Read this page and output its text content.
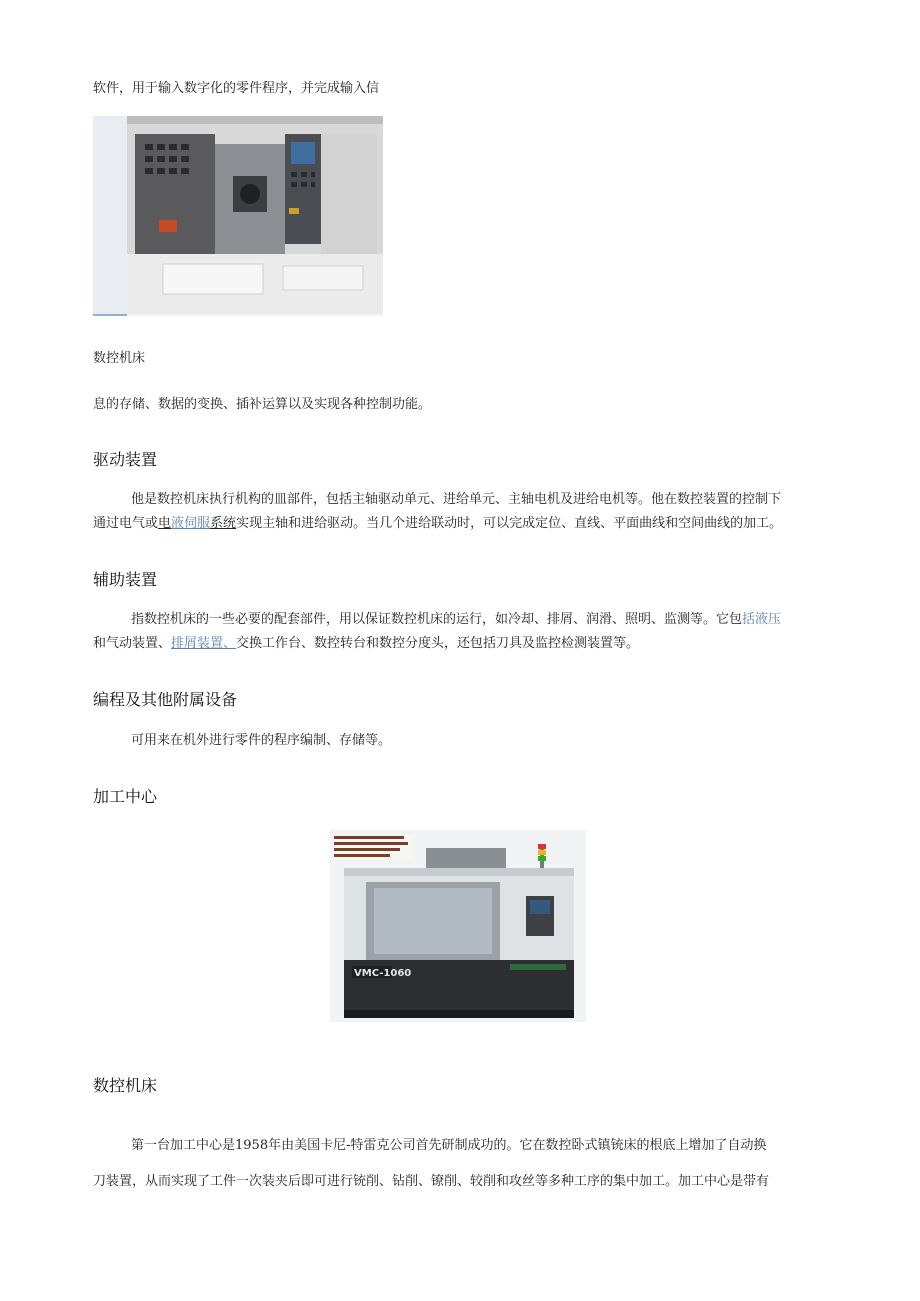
软件，用于输入数字化的零件程序，并完成输入信
数控机床
息的存储、数据的变换、插补运算以及实现各种控制功能。
驱动装置
他是数控机床执行机构的皿部件，包括主轴驱动单元、进给单元、主轴电机及进给电机等。他在数控装置的控制下
通过电气或电液伺服系统实现主轴和进给驱动。当几个进给联动时，可以完成定位、直线、平面曲线和空间曲线的加工。
辅助装置
指数控机床的一些必要的配套部件，用以保证数控机床的运行，如冷却、排屑、润滑、照明、监测等。它包括液压
和气动装置、排屑装置、交换工作台、数控转台和数控分度头，还包括刀具及监控检测装置等。
编程及其他附属设备
可用来在机外进行零件的程序编制、存储等。
加工中心
VMC-1060
数控机床
第一台加工中心是1958年由美国卡尼-特雷克公司首先研制成功的。它在数控卧式镇铳床的根底上增加了自动换
刀装置，从而实现了工件一次装夹后即可进行铳削、钻削、镣削、较削和攻丝等多种工序的集中加工。加工中心是带有
